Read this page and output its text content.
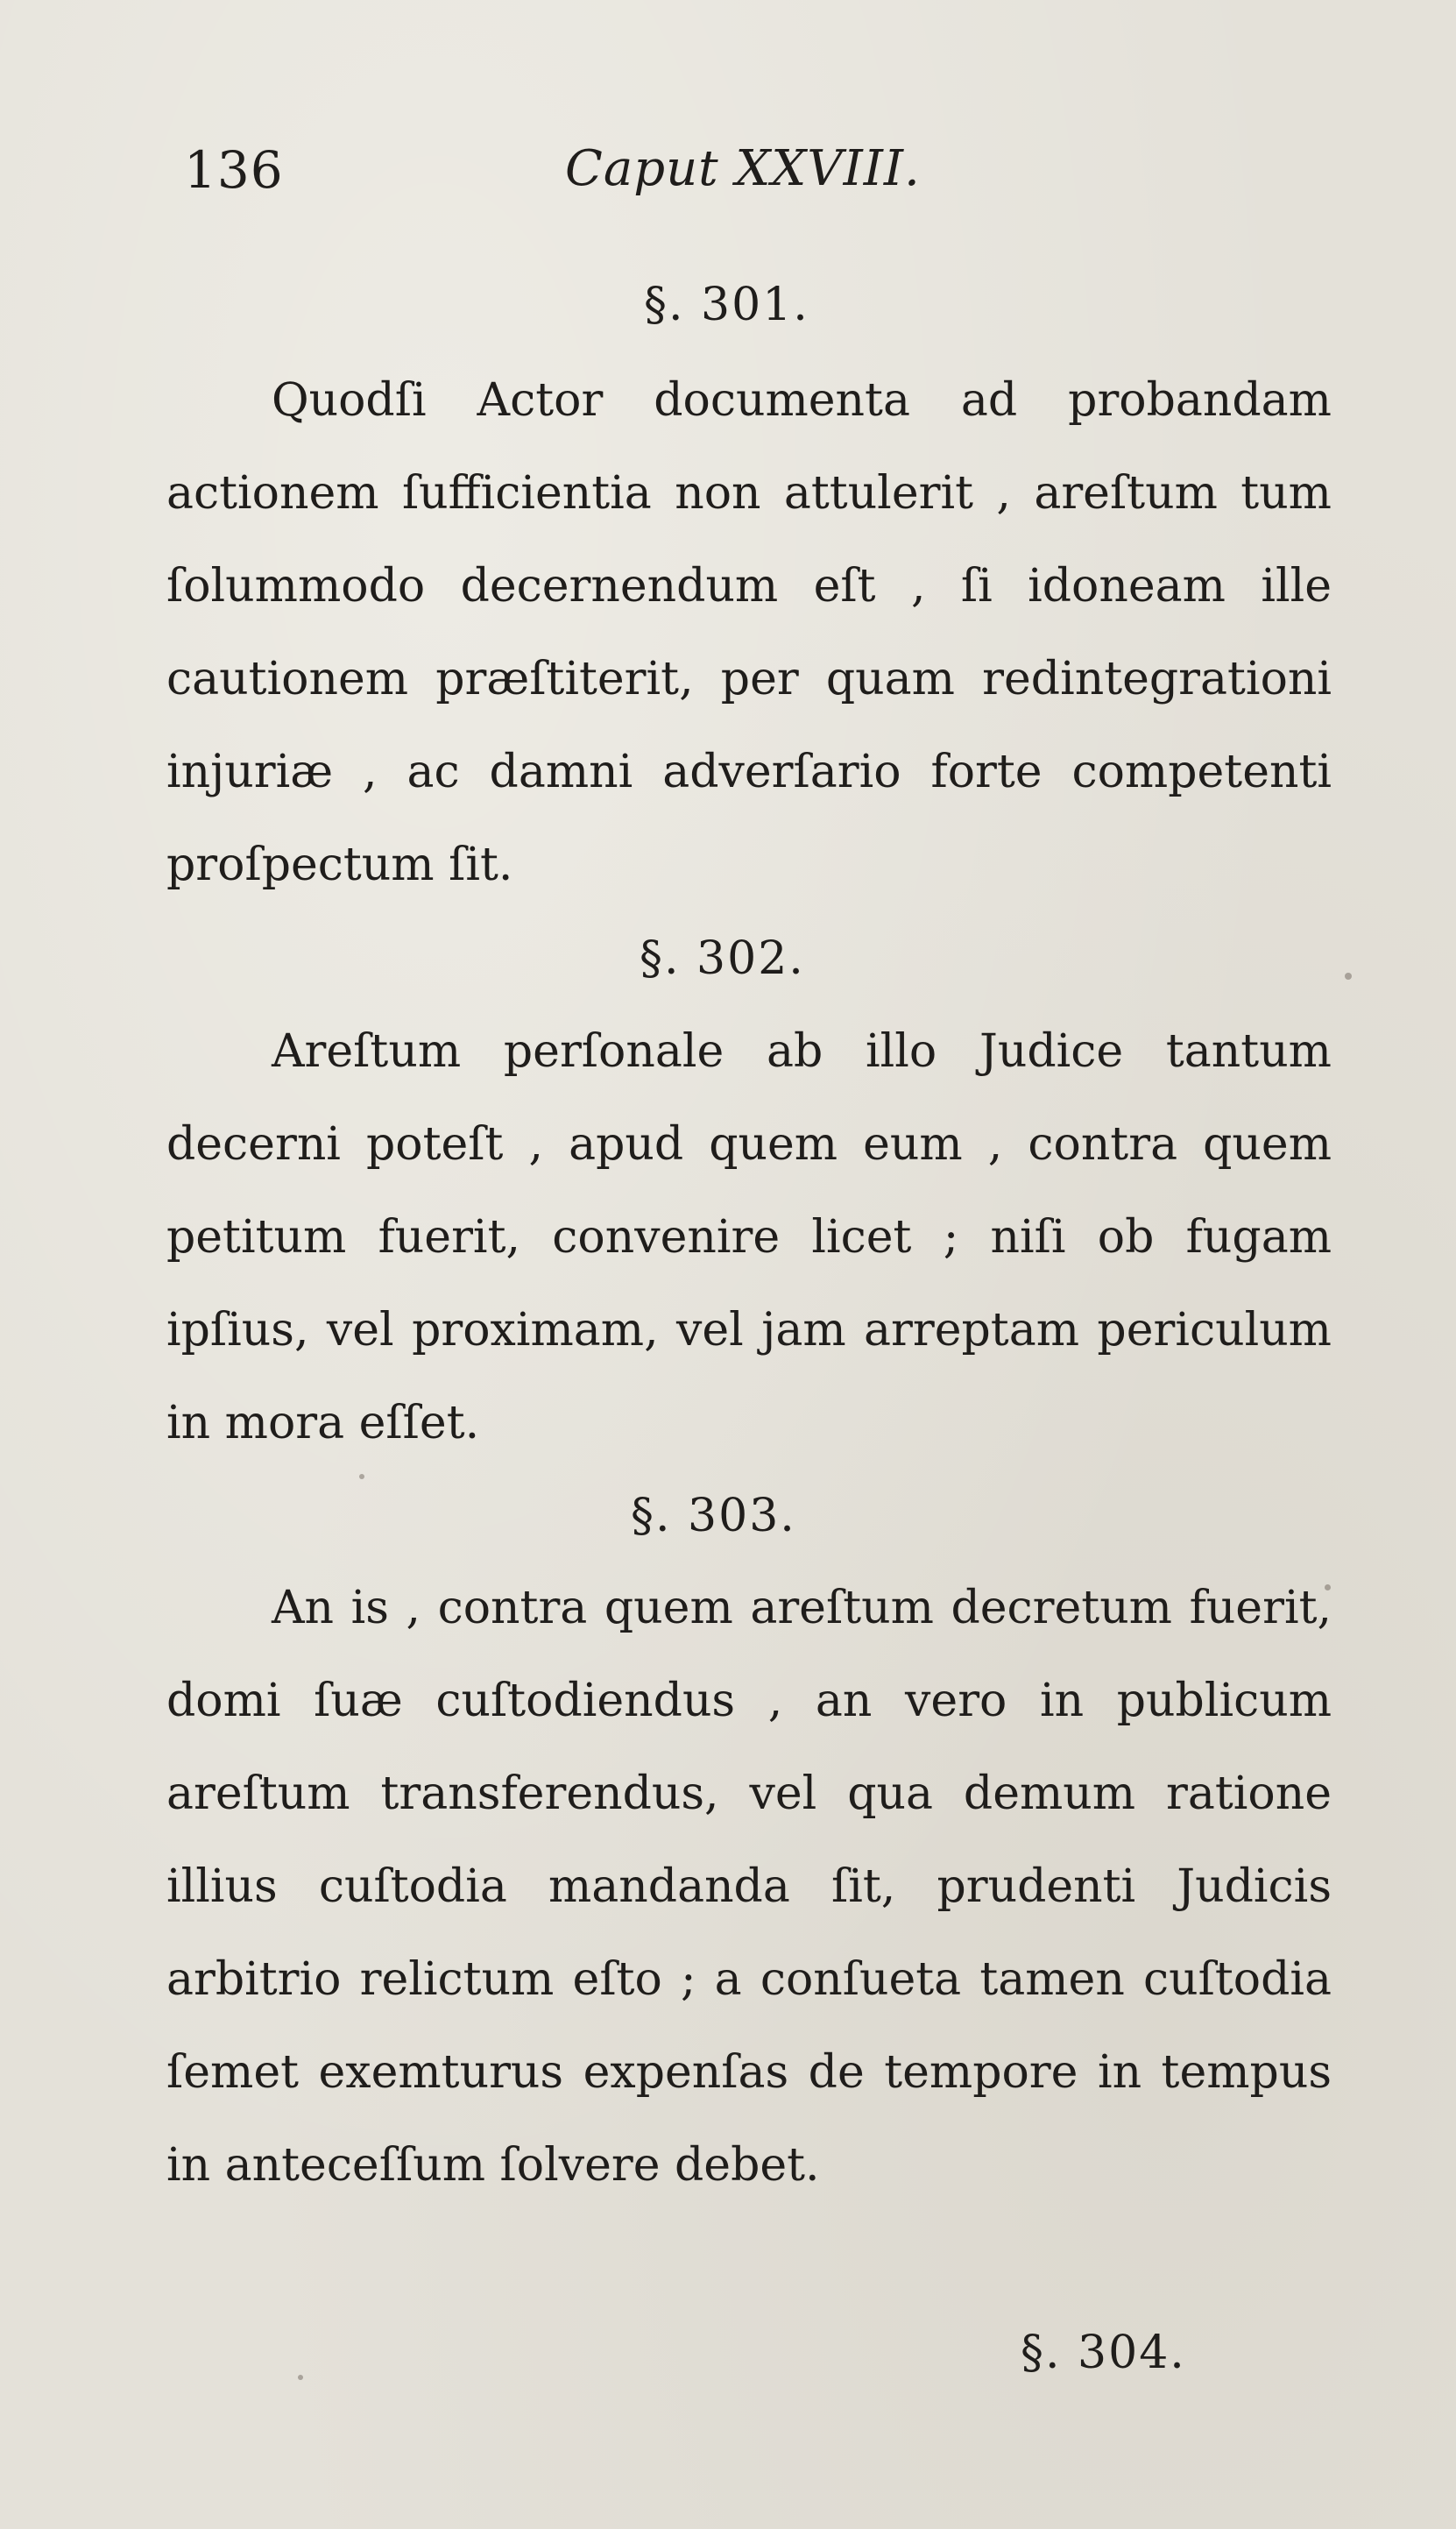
136	Caput XXVIII.
§. 301.

Quodſi Actor documenta ad probandam actionem ſufficientia non attulerit , areſtum tum ſolummodo decernendum eſt , ſi idoneam ille cautionem præſtiterit, per quam redintegrationi injuriæ , ac damni adverſario forte competenti proſpectum ſit.

§. 302.

Areſtum perſonale ab illo Judice tantum decerni poteſt , apud quem eum , contra quem petitum fuerit, convenire licet ; niſi ob fugam ipſius, vel proximam, vel jam arreptam periculum in mora eſſet.

§. 303.

An is , contra quem areſtum decretum fuerit, domi ſuæ cuſtodiendus , an vero in publicum areſtum transferendus, vel qua demum ratione illius cuſtodia mandanda ſit, prudenti Judicis arbitrio relictum eſto ; a conſueta tamen cuſtodia ſemet exemturus expenſas de tempore in tempus in anteceſſum ſolvere debet.

§. 304.
